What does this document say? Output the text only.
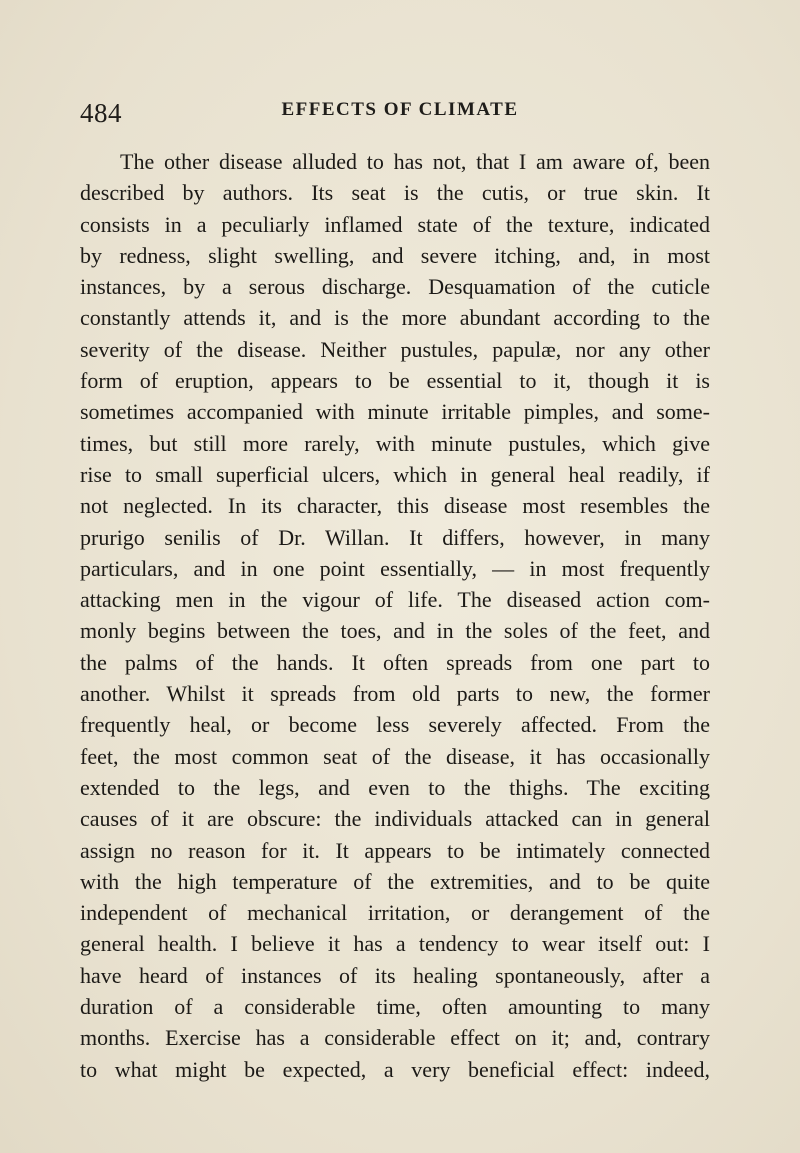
484	EFFECTS OF CLIMATE
The other disease alluded to has not, that I am aware of, been
described by authors. Its seat is the cutis, or true skin. It
consists in a peculiarly inflamed state of the texture, indicated
by redness, slight swelling, and severe itching, and, in most
instances, by a serous discharge. Desquamation of the cuticle
constantly attends it, and is the more abundant according to the
severity of the disease. Neither pustules, papulæ, nor any other
form of eruption, appears to be essential to it, though it is
sometimes accompanied with minute irritable pimples, and some-
times, but still more rarely, with minute pustules, which give
rise to small superficial ulcers, which in general heal readily, if
not neglected. In its character, this disease most resembles the
prurigo senilis of Dr. Willan. It differs, however, in many
particulars, and in one point essentially, — in most frequently
attacking men in the vigour of life. The diseased action com-
monly begins between the toes, and in the soles of the feet, and
the palms of the hands. It often spreads from one part to
another. Whilst it spreads from old parts to new, the former
frequently heal, or become less severely affected. From the
feet, the most common seat of the disease, it has occasionally
extended to the legs, and even to the thighs. The exciting
causes of it are obscure: the individuals attacked can in general
assign no reason for it. It appears to be intimately connected
with the high temperature of the extremities, and to be quite
independent of mechanical irritation, or derangement of the
general health. I believe it has a tendency to wear itself out: I
have heard of instances of its healing spontaneously, after a
duration of a considerable time, often amounting to many
months. Exercise has a considerable effect on it; and, contrary
to what might be expected, a very beneficial effect: indeed,
